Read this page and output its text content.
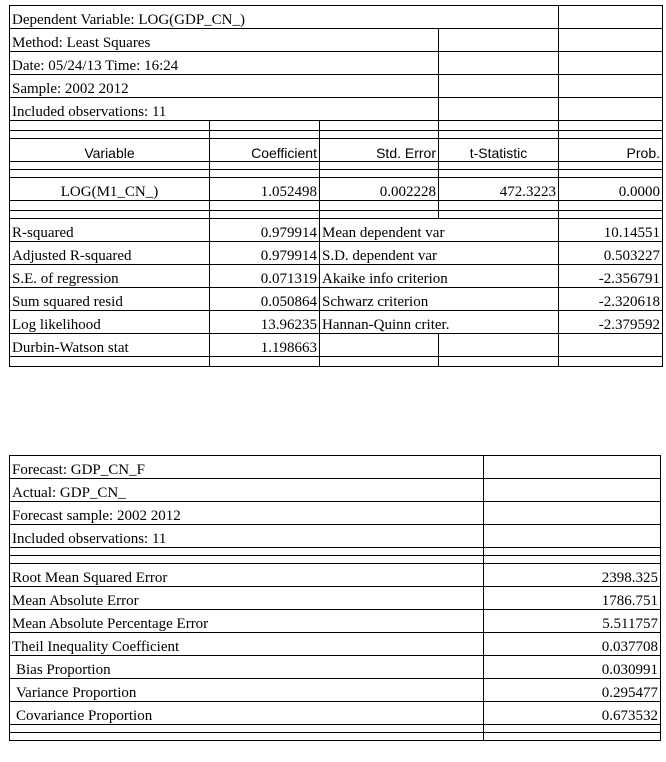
Dependent Variable: LOG(GDP_CN_)				
Method: Least Squares				
Date: 05/24/13 Time: 16:24				
Sample: 2002 2012				
Included observations: 11				

Variable	Coefficient	Std. Error	t-Statistic	Prob.

LOG(M1_CN_)	1.052498	0.002228	472.3223	0.0000

R-squared	0.979914	Mean dependent var		10.14551
Adjusted R-squared	0.979914	S.D. dependent var		0.503227
S.E. of regression	0.071319	Akaike info criterion		-2.356791
Sum squared resid	0.050864	Schwarz criterion		-2.320618
Log likelihood	13.96235	Hannan-Quinn criter.		-2.379592
Durbin-Watson stat	1.198663			

Forecast: GDP_CN_F	
Actual: GDP_CN_	
Forecast sample: 2002 2012	
Included observations: 11	

Root Mean Squared Error	2398.325
Mean Absolute Error	1786.751
Mean Absolute Percentage Error	5.511757
Theil Inequality Coefficient	0.037708
Bias Proportion	0.030991
Variance Proportion	0.295477
Covariance Proportion	0.673532
